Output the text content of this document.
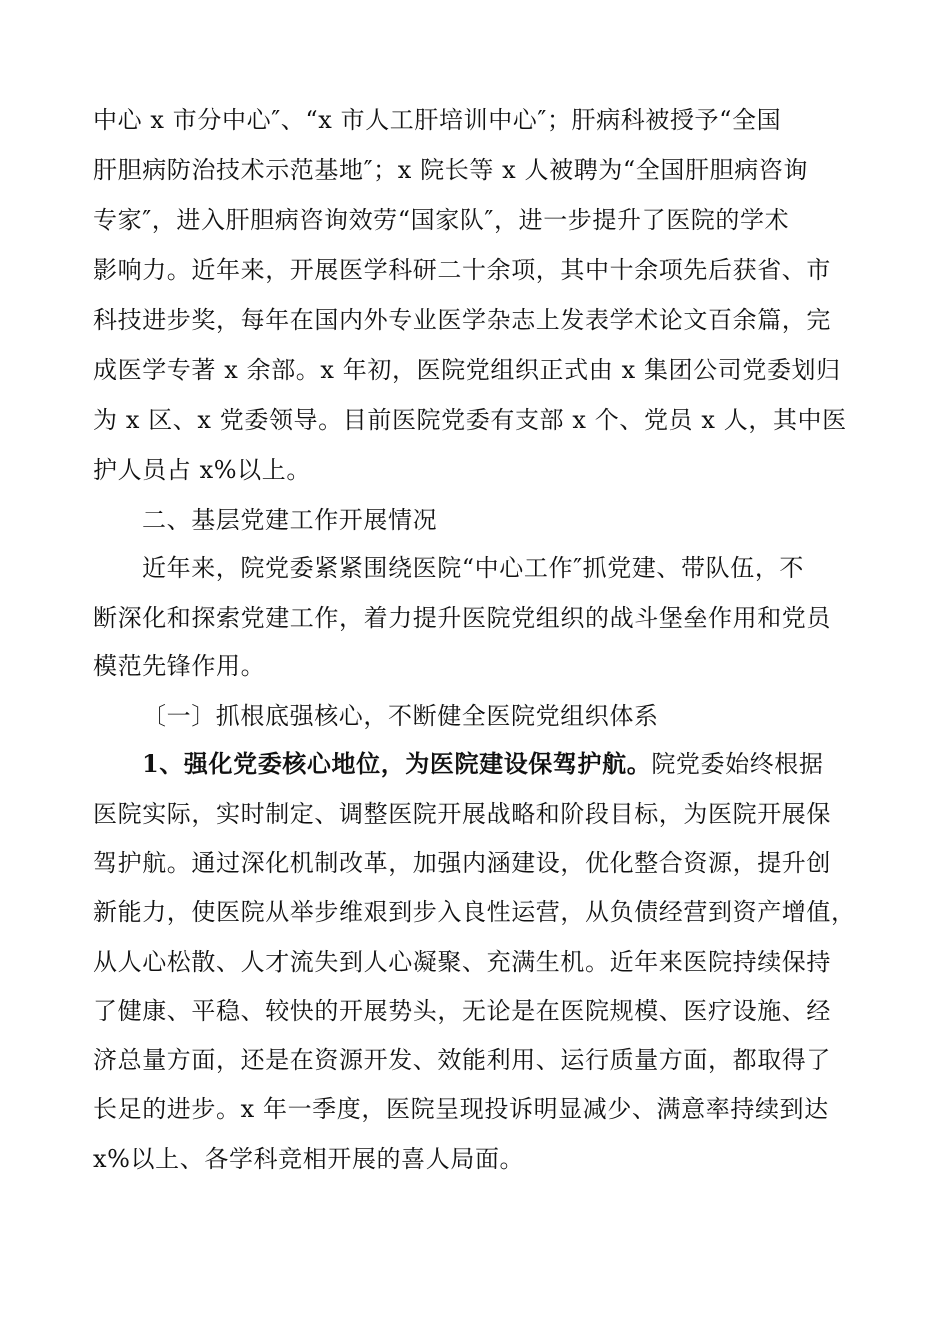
中心 x 市分中心″、“x 市人工肝培训中心″；肝病科被授予“全国
肝胆病防治技术示范基地″；x 院长等 x 人被聘为“全国肝胆病咨询
专家″，进入肝胆病咨询效劳“国家队″，进一步提升了医院的学术
影响力。近年来，开展医学科研二十余项，其中十余项先后获省、市
科技进步奖，每年在国内外专业医学杂志上发表学术论文百余篇，完
成医学专著 x 余部。x 年初，医院党组织正式由 x 集团公司党委划归
为 x 区、x 党委领导。目前医院党委有支部 x 个、党员 x 人，其中医
护人员占 x%以上。
二、基层党建工作开展情况
近年来，院党委紧紧围绕医院“中心工作″抓党建、带队伍，不
断深化和探索党建工作，着力提升医院党组织的战斗堡垒作用和党员
模范先锋作用。
〔一〕抓根底强核心，不断健全医院党组织体系
1、强化党委核心地位，为医院建设保驾护航。院党委始终根据
医院实际，实时制定、调整医院开展战略和阶段目标，为医院开展保
驾护航。通过深化机制改革，加强内涵建设，优化整合资源，提升创
新能力，使医院从举步维艰到步入良性运营，从负债经营到资产增值，
从人心松散、人才流失到人心凝聚、充满生机。近年来医院持续保持
了健康、平稳、较快的开展势头，无论是在医院规模、医疗设施、经
济总量方面，还是在资源开发、效能利用、运行质量方面，都取得了
长足的进步。x 年一季度，医院呈现投诉明显减少、满意率持续到达
x%以上、各学科竞相开展的喜人局面。
